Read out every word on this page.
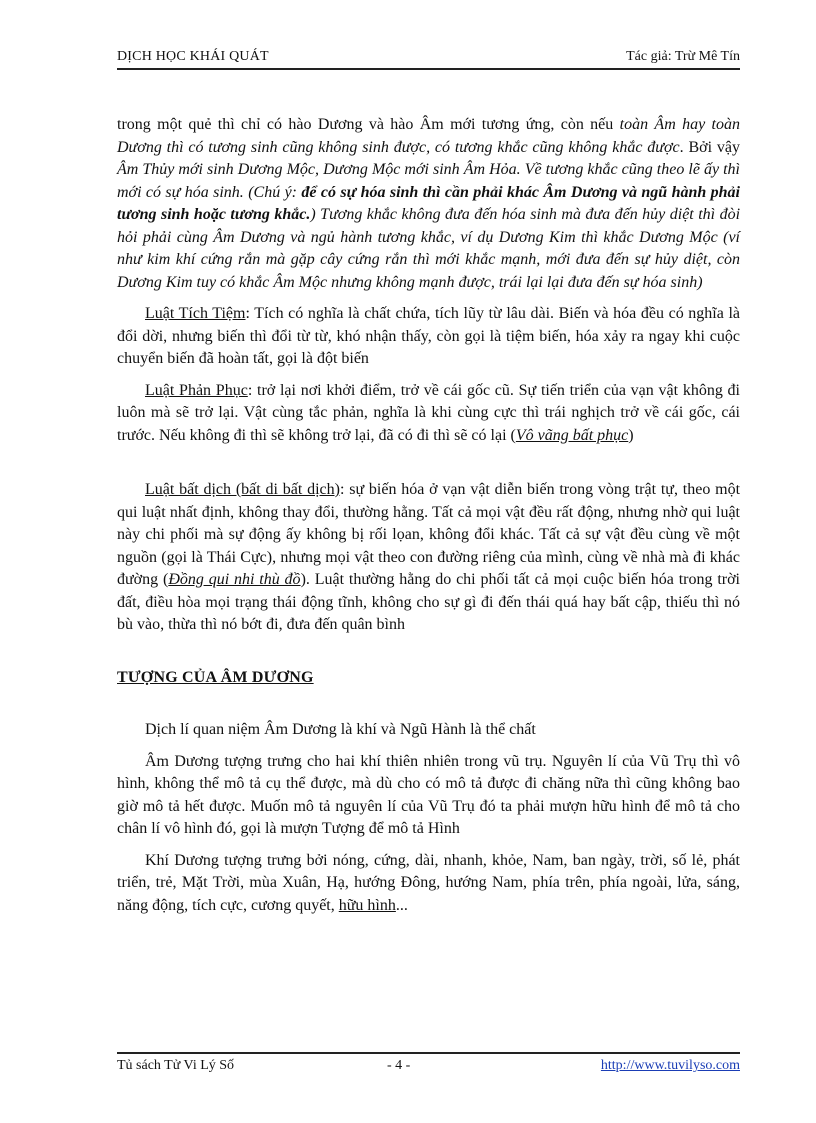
DỊCH HỌC KHÁI QUÁT	Tác giả: Trừ Mê Tín

trong một quẻ thì chỉ có hào Dương và hào Âm mới tương ứng, còn nếu toàn Âm hay toàn Dương thì có tương sinh cũng không sinh được, có tương khắc cũng không khắc được. Bởi vậy Âm Thủy mới sinh Dương Mộc, Dương Mộc mới sinh Âm Hỏa. Về tương khắc cũng theo lẽ ấy thì mới có sự hóa sinh. (Chú ý: để có sự hóa sinh thì cần phải khác Âm Dương và ngũ hành phải tương sinh hoặc tương khắc.) Tương khắc không đưa đến hóa sinh mà đưa đến hủy diệt thì đòi hỏi phải cùng Âm Dương và ngủ hành tương khắc, ví dụ Dương Kim thì khắc Dương Mộc (ví như kim khí cứng rắn mà gặp cây cứng rắn thì mới khắc mạnh, mới đưa đến sự hủy diệt, còn Dương Kim tuy có khắc Âm Mộc nhưng không mạnh được, trái lại lại đưa đến sự hóa sinh)

Luật Tích Tiệm: Tích có nghĩa là chất chứa, tích lũy từ lâu dài. Biến và hóa đều có nghĩa là đổi dời, nhưng biến thì đổi từ từ, khó nhận thấy, còn gọi là tiệm biến, hóa xảy ra ngay khi cuộc chuyển biến đã hoàn tất, gọi là đột biến

Luật Phản Phục: trở lại nơi khởi điểm, trở về cái gốc cũ. Sự tiến triển của vạn vật không đi luôn mà sẽ trở lại. Vật cùng tắc phản, nghĩa là khi cùng cực thì trái nghịch trở về cái gốc, cái trước. Nếu không đi thì sẽ không trở lại, đã có đi thì sẽ có lại (Vô vãng bất phục)

Luật bất dịch (bất di bất dịch): sự biến hóa ở vạn vật diễn biến trong vòng trật tự, theo một qui luật nhất định, không thay đổi, thường hằng. Tất cả mọi vật đều rất động, nhưng nhờ qui luật này chi phối mà sự động ấy không bị rối lọan, không đổi khác. Tất cả sự vật đều cùng về một nguồn (gọi là Thái Cực), nhưng mọi vật theo con đường riêng của mình, cùng về nhà mà đi khác đường (Đồng qui nhi thù đồ). Luật thường hằng do chi phối tất cả mọi cuộc biến hóa trong trời đất, điều hòa mọi trạng thái động tĩnh, không cho sự gì đi đến thái quá hay bất cập, thiếu thì nó bù vào, thừa thì nó bớt đi, đưa đến quân bình

TƯỢNG CỦA ÂM DƯƠNG

Dịch lí quan niệm Âm Dương là khí và Ngũ Hành là thể chất

Âm Dương tượng trưng cho hai khí thiên nhiên trong vũ trụ. Nguyên lí của Vũ Trụ thì vô hình, không thể mô tả cụ thể được, mà dù cho có mô tả được đi chăng nữa thì cũng không bao giờ mô tả hết được. Muốn mô tả nguyên lí của Vũ Trụ đó ta phải mượn hữu hình để mô tả cho chân lí vô hình đó, gọi là mượn Tượng để mô tả Hình

Khí Dương tượng trưng bởi nóng, cứng, dài, nhanh, khỏe, Nam, ban ngày, trời, số lẻ, phát triển, trẻ, Mặt Trời, mùa Xuân, Hạ, hướng Đông, hướng Nam, phía trên, phía ngoài, lửa, sáng, năng động, tích cực, cương quyết, hữu hình...

Tủ sách Tử Vi Lý Số	- 4 -	http://www.tuvilyso.com
